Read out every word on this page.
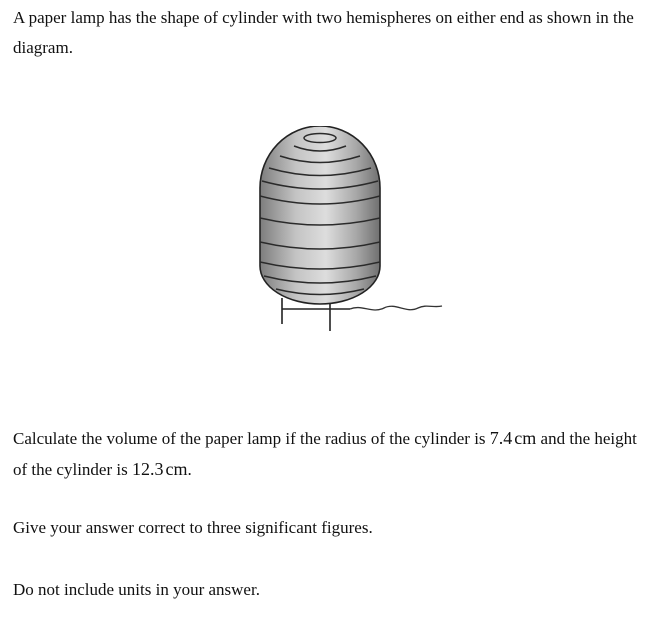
A paper lamp has the shape of cylinder with two hemispheres on either end as shown in the diagram.

Calculate the volume of the paper lamp if the radius of the cylinder is 7.4 cm and the height of the cylinder is 12.3 cm.

Give your answer correct to three significant figures.

Do not include units in your answer.
